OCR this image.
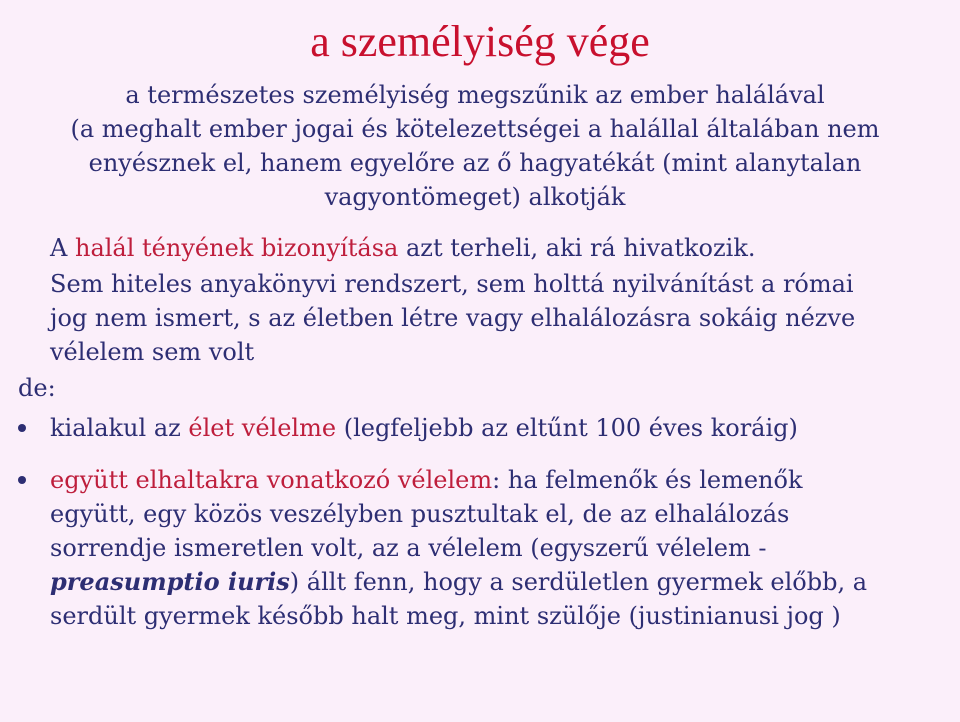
a személyiség vége

a természetes személyiség megszűnik az ember halálával

(a meghalt ember jogai és kötelezettségei a halállal általában nem enyésznek el, hanem egyelőre az ő hagyatékát (mint alanytalan vagyontömeget) alkotják

A halál tényének bizonyítása azt terheli, aki rá hivatkozik.

Sem hiteles anyakönyvi rendszert, sem holttá nyilvánítást a római jog nem ismert, s az életben létre vagy elhalálozásra sokáig nézve vélelem sem volt

de:

kialakul az élet vélelme (legfeljebb az eltűnt 100 éves koráig)
együtt elhaltakra vonatkozó vélelem: ha felmenők és lemenők együtt, egy közös veszélyben pusztultak el, de az elhalálozás sorrendje ismeretlen volt, az a vélelem (egyszerű vélelem - preasumptio iuris) állt fenn, hogy a serdületlen gyermek előbb, a serdült gyermek később halt meg, mint szülője (justinianusi jog )
